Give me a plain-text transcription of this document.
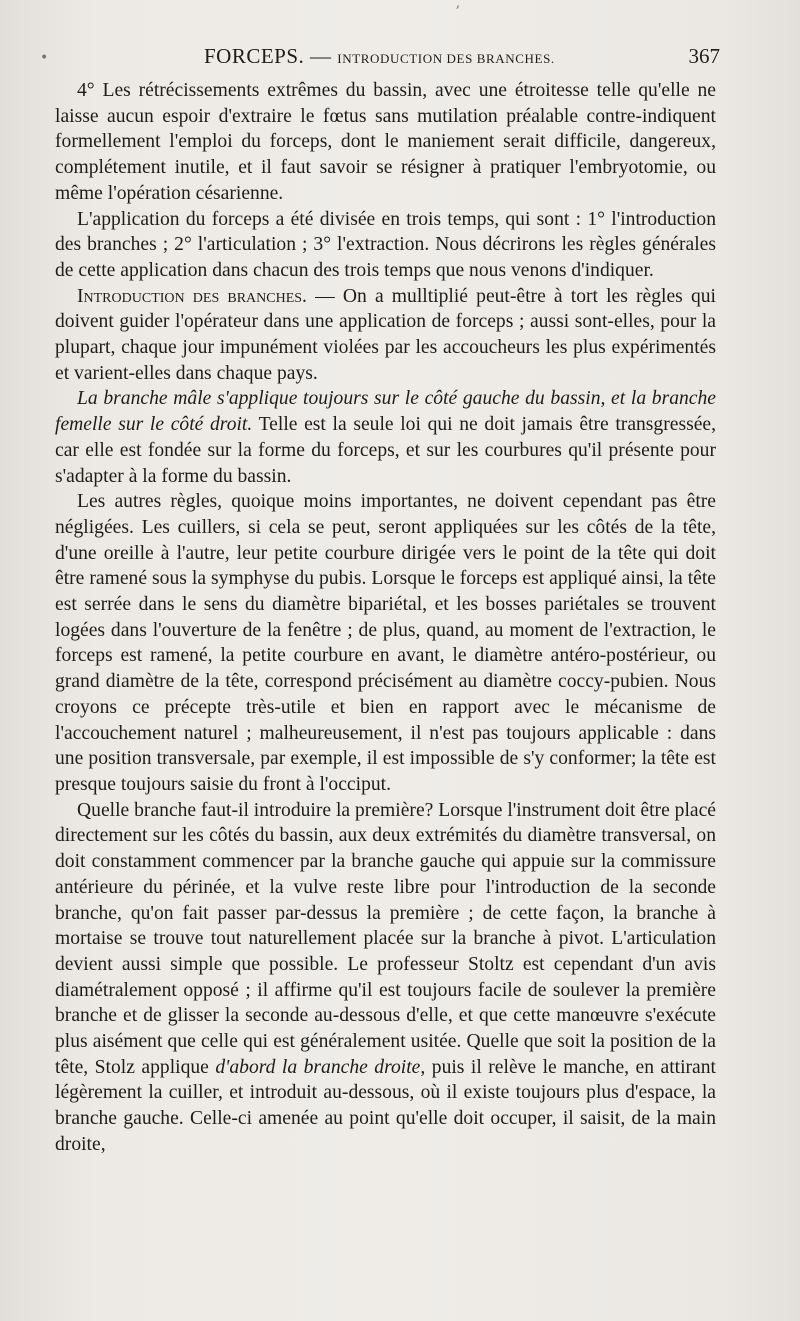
ʼ
•	FORCEPS. — INTRODUCTION DES BRANCHES.	367

4° Les rétrécissements extrêmes du bassin, avec une étroitesse telle qu'elle ne laisse aucun espoir d'extraire le fœtus sans mutilation préalable contre-indiquent formellement l'emploi du forceps, dont le maniement serait difficile, dangereux, complétement inutile, et il faut savoir se résigner à pratiquer l'embryotomie, ou même l'opération césarienne.

L'application du forceps a été divisée en trois temps, qui sont : 1° l'introduction des branches ; 2° l'articulation ; 3° l'extraction. Nous décrirons les règles générales de cette application dans chacun des trois temps que nous venons d'indiquer.

Introduction des branches. — On a mulltiplié peut-être à tort les règles qui doivent guider l'opérateur dans une application de forceps ; aussi sont-elles, pour la plupart, chaque jour impunément violées par les accoucheurs les plus expérimentés et varient-elles dans chaque pays.

La branche mâle s'applique toujours sur le côté gauche du bassin, et la branche femelle sur le côté droit. Telle est la seule loi qui ne doit jamais être transgressée, car elle est fondée sur la forme du forceps, et sur les courbures qu'il présente pour s'adapter à la forme du bassin.

Les autres règles, quoique moins importantes, ne doivent cependant pas être négligées. Les cuillers, si cela se peut, seront appliquées sur les côtés de la tête, d'une oreille à l'autre, leur petite courbure dirigée vers le point de la tête qui doit être ramené sous la symphyse du pubis. Lorsque le forceps est appliqué ainsi, la tête est serrée dans le sens du diamètre bipariétal, et les bosses pariétales se trouvent logées dans l'ouverture de la fenêtre ; de plus, quand, au moment de l'extraction, le forceps est ramené, la petite courbure en avant, le diamètre antéro-postérieur, ou grand diamètre de la tête, correspond précisément au diamètre coccy-pubien. Nous croyons ce précepte très-utile et bien en rapport avec le mécanisme de l'accouchement naturel ; malheureusement, il n'est pas toujours applicable : dans une position transversale, par exemple, il est impossible de s'y conformer; la tête est presque toujours saisie du front à l'occiput.

Quelle branche faut-il introduire la première? Lorsque l'instrument doit être placé directement sur les côtés du bassin, aux deux extrémités du diamètre transversal, on doit constamment commencer par la branche gauche qui appuie sur la commissure antérieure du périnée, et la vulve reste libre pour l'introduction de la seconde branche, qu'on fait passer par-dessus la première ; de cette façon, la branche à mortaise se trouve tout naturellement placée sur la branche à pivot. L'articulation devient aussi simple que possible. Le professeur Stoltz est cependant d'un avis diamétralement opposé ; il affirme qu'il est toujours facile de soulever la première branche et de glisser la seconde au-dessous d'elle, et que cette manœuvre s'exécute plus aisément que celle qui est généralement usitée. Quelle que soit la position de la tête, Stolz applique d'abord la branche droite, puis il relève le manche, en attirant légèrement la cuiller, et introduit au-dessous, où il existe toujours plus d'espace, la branche gauche. Celle-ci amenée au point qu'elle doit occuper, il saisit, de la main droite,
